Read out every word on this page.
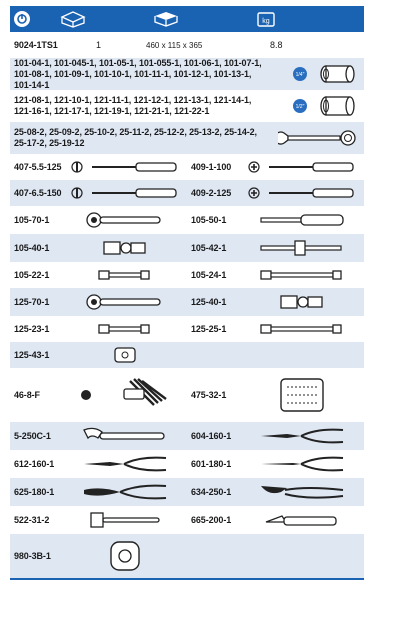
kg
9024-1TS1	1	460 x 115 x 365	8.8
101-04-1, 101-045-1, 101-05-1, 101-055-1, 101-06-1, 101-07-1, 101-08-1, 101-09-1, 101-10-1, 101-11-1, 101-12-1, 101-13-1, 101-14-1
1/4"
121-08-1, 121-10-1, 121-11-1, 121-12-1, 121-13-1, 121-14-1, 121-16-1, 121-17-1, 121-19-1, 121-21-1, 121-22-1	1/2"
25-08-2, 25-09-2, 25-10-2, 25-11-2, 25-12-2, 25-13-2, 25-14-2, 25-17-2, 25-19-12
407-5.5-125	409-1-100
407-6.5-150	409-2-125
105-70-1	105-50-1
105-40-1	105-42-1
105-22-1	105-24-1
125-70-1	125-40-1
125-23-1	125-25-1
125-43-1
46-8-F	475-32-1
5-250C-1	604-160-1
612-160-1	601-180-1
625-180-1	634-250-1
522-31-2	665-200-1
980-3B-1
